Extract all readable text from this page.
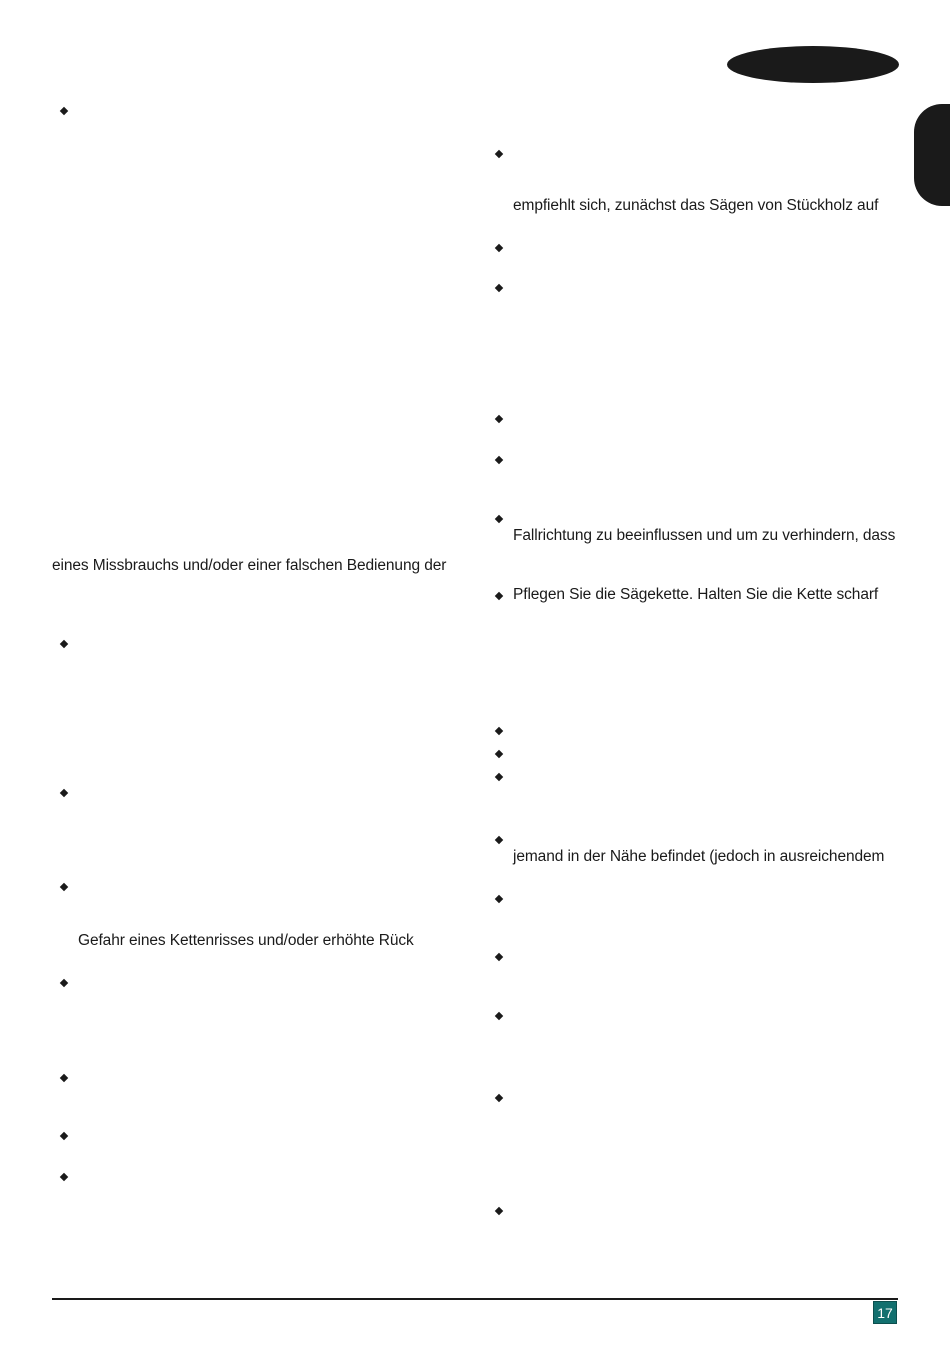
eines Missbrauchs und/oder einer falschen Bedienung der
Gefahr eines Kettenrisses und/oder erhöhte Rück
empfiehlt sich, zunächst das Sägen von Stückholz auf
Fallrichtung zu beeinflussen und um zu verhindern, dass
Pflegen Sie die Sägekette. Halten Sie die Kette scharf
jemand in der Nähe befindet (jedoch in ausreichendem
17
